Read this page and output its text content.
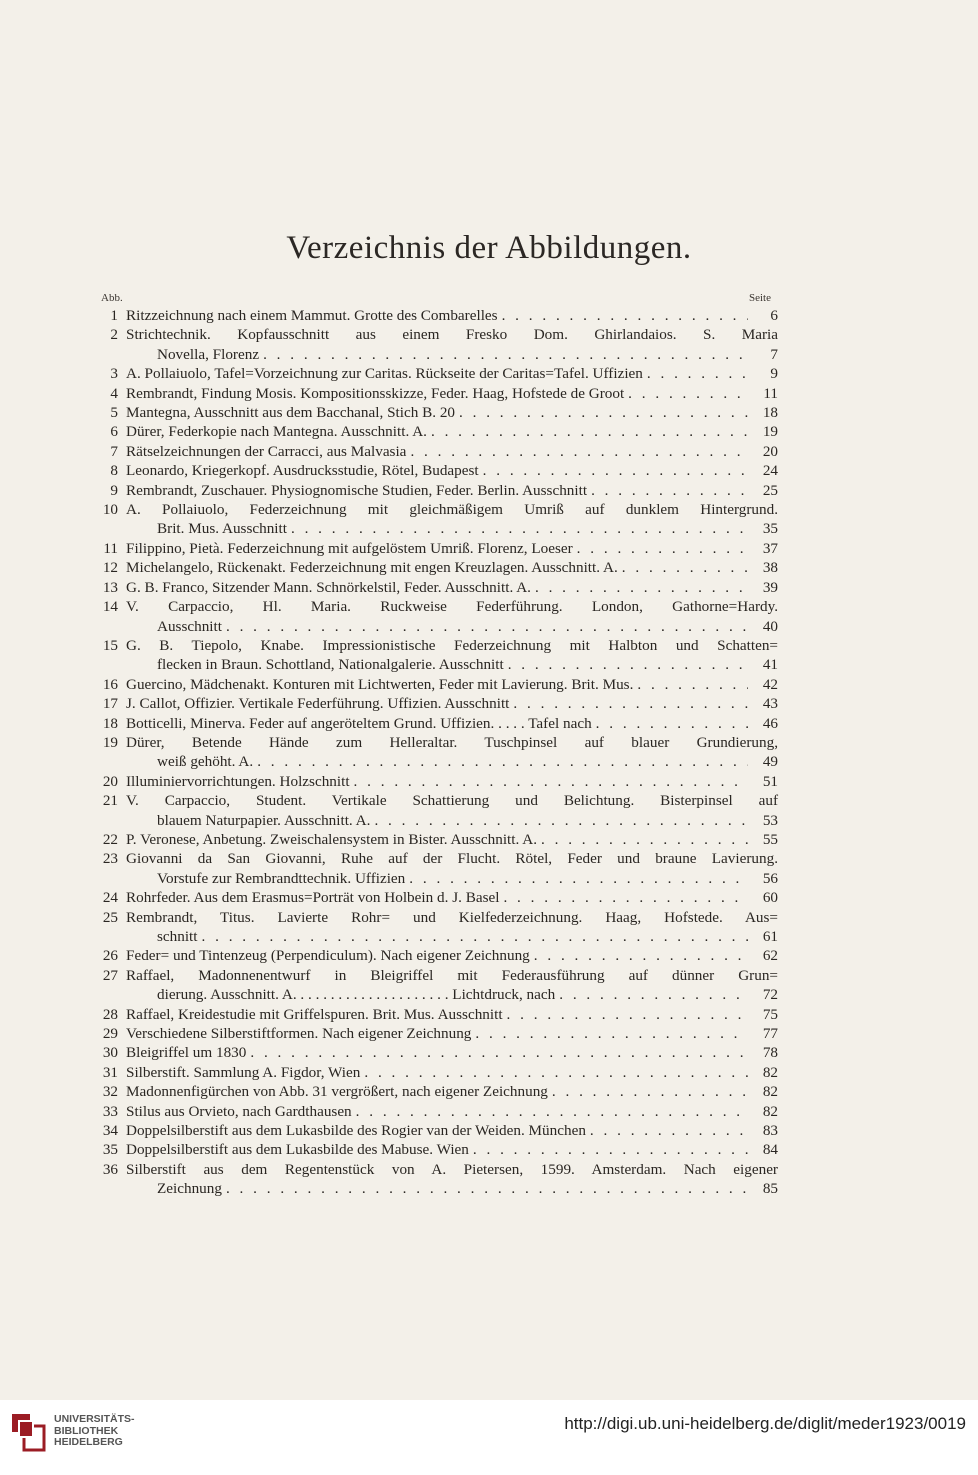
Verzeichnis der Abbildungen.
Abb.	Seite
1 Ritzzeichnung nach einem Mammut. Grotte des Combarelles . . .	6
2 Strichtechnik. Kopfausschnitt aus einem Fresko Dom. Ghirlandaios. S. Maria
Novella, Florenz . . .	7
3 A. Pollaiuolo, Tafel=Vorzeichnung zur Caritas. Rückseite der Caritas=Tafel. Uffizien . . .	9
4 Rembrandt, Findung Mosis. Kompositionsskizze, Feder. Haag, Hofstede de Groot . . .	11
5 Mantegna, Ausschnitt aus dem Bacchanal, Stich B. 20 . . .	18
6 Dürer, Federkopie nach Mantegna. Ausschnitt. A. . . .	19
7 Rätselzeichnungen der Carracci, aus Malvasia . . .	20
8 Leonardo, Kriegerkopf. Ausdrucksstudie, Rötel, Budapest . . .	24
9 Rembrandt, Zuschauer. Physiognomische Studien, Feder. Berlin. Ausschnitt . . .	25
10 A. Pollaiuolo, Federzeichnung mit gleichmäßigem Umriß auf dunklem Hintergrund.
Brit. Mus. Ausschnitt . . .	35
11 Filippino, Pietà. Federzeichnung mit aufgelöstem Umriß. Florenz, Loeser . . .	37
12 Michelangelo, Rückenakt. Federzeichnung mit engen Kreuzlagen. Ausschnitt. A. . . .	38
13 G. B. Franco, Sitzender Mann. Schnörkelstil, Feder. Ausschnitt. A. . . .	39
14 V. Carpaccio, Hl. Maria. Ruckweise Federführung. London, Gathorne=Hardy.
Ausschnitt . . .	40
15 G. B. Tiepolo, Knabe. Impressionistische Federzeichnung mit Halbton und Schatten=
flecken in Braun. Schottland, Nationalgalerie. Ausschnitt . . .	41
16 Guercino, Mädchenakt. Konturen mit Lichtwerten, Feder mit Lavierung. Brit. Mus. . . .	42
17 J. Callot, Offizier. Vertikale Federführung. Uffizien. Ausschnitt . . .	43
18 Botticelli, Minerva. Feder auf angeröteltem Grund. Uffizien. . . . . Tafel nach . . .	46
19 Dürer, Betende Hände zum Helleraltar. Tuschpinsel auf blauer Grundierung,
weiß gehöht. A. . . .	49
20 Illuminiervorrichtungen. Holzschnitt . . .	51
21 V. Carpaccio, Student. Vertikale Schattierung und Belichtung. Bisterpinsel auf
blauem Naturpapier. Ausschnitt. A. . . .	53
22 P. Veronese, Anbetung. Zweischalensystem in Bister. Ausschnitt. A. . . .	55
23 Giovanni da San Giovanni, Ruhe auf der Flucht. Rötel, Feder und braune Lavierung.
Vorstufe zur Rembrandttechnik. Uffizien . . .	56
24 Rohrfeder. Aus dem Erasmus=Porträt von Holbein d. J. Basel . . .	60
25 Rembrandt, Titus. Lavierte Rohr= und Kielfederzeichnung. Haag, Hofstede. Aus=
schnitt . . .	61
26 Feder= und Tintenzeug (Perpendiculum). Nach eigener Zeichnung . . .	62
27 Raffael, Madonnenentwurf in Bleigriffel mit Federausführung auf dünner Grun=
dierung. Ausschnitt. A. . . . . . . . . . . . . . . . . . . . . Lichtdruck, nach . . .	72
28 Raffael, Kreidestudie mit Griffelspuren. Brit. Mus. Ausschnitt . . .	75
29 Verschiedene Silberstiftformen. Nach eigener Zeichnung . . .	77
30 Bleigriffel um 1830 . . .	78
31 Silberstift. Sammlung A. Figdor, Wien . . .	82
32 Madonnenfigürchen von Abb. 31 vergrößert, nach eigener Zeichnung . . .	82
33 Stilus aus Orvieto, nach Gardthausen . . .	82
34 Doppelsilberstift aus dem Lukasbilde des Rogier van der Weiden. München . . .	83
35 Doppelsilberstift aus dem Lukasbilde des Mabuse. Wien . . .	84
36 Silberstift aus dem Regentenstück von A. Pietersen, 1599. Amsterdam. Nach eigener
Zeichnung . . .	85
UNIVERSITÄTS-
BIBLIOTHEK
HEIDELBERG
http://digi.ub.uni-heidelberg.de/diglit/meder1923/0019
